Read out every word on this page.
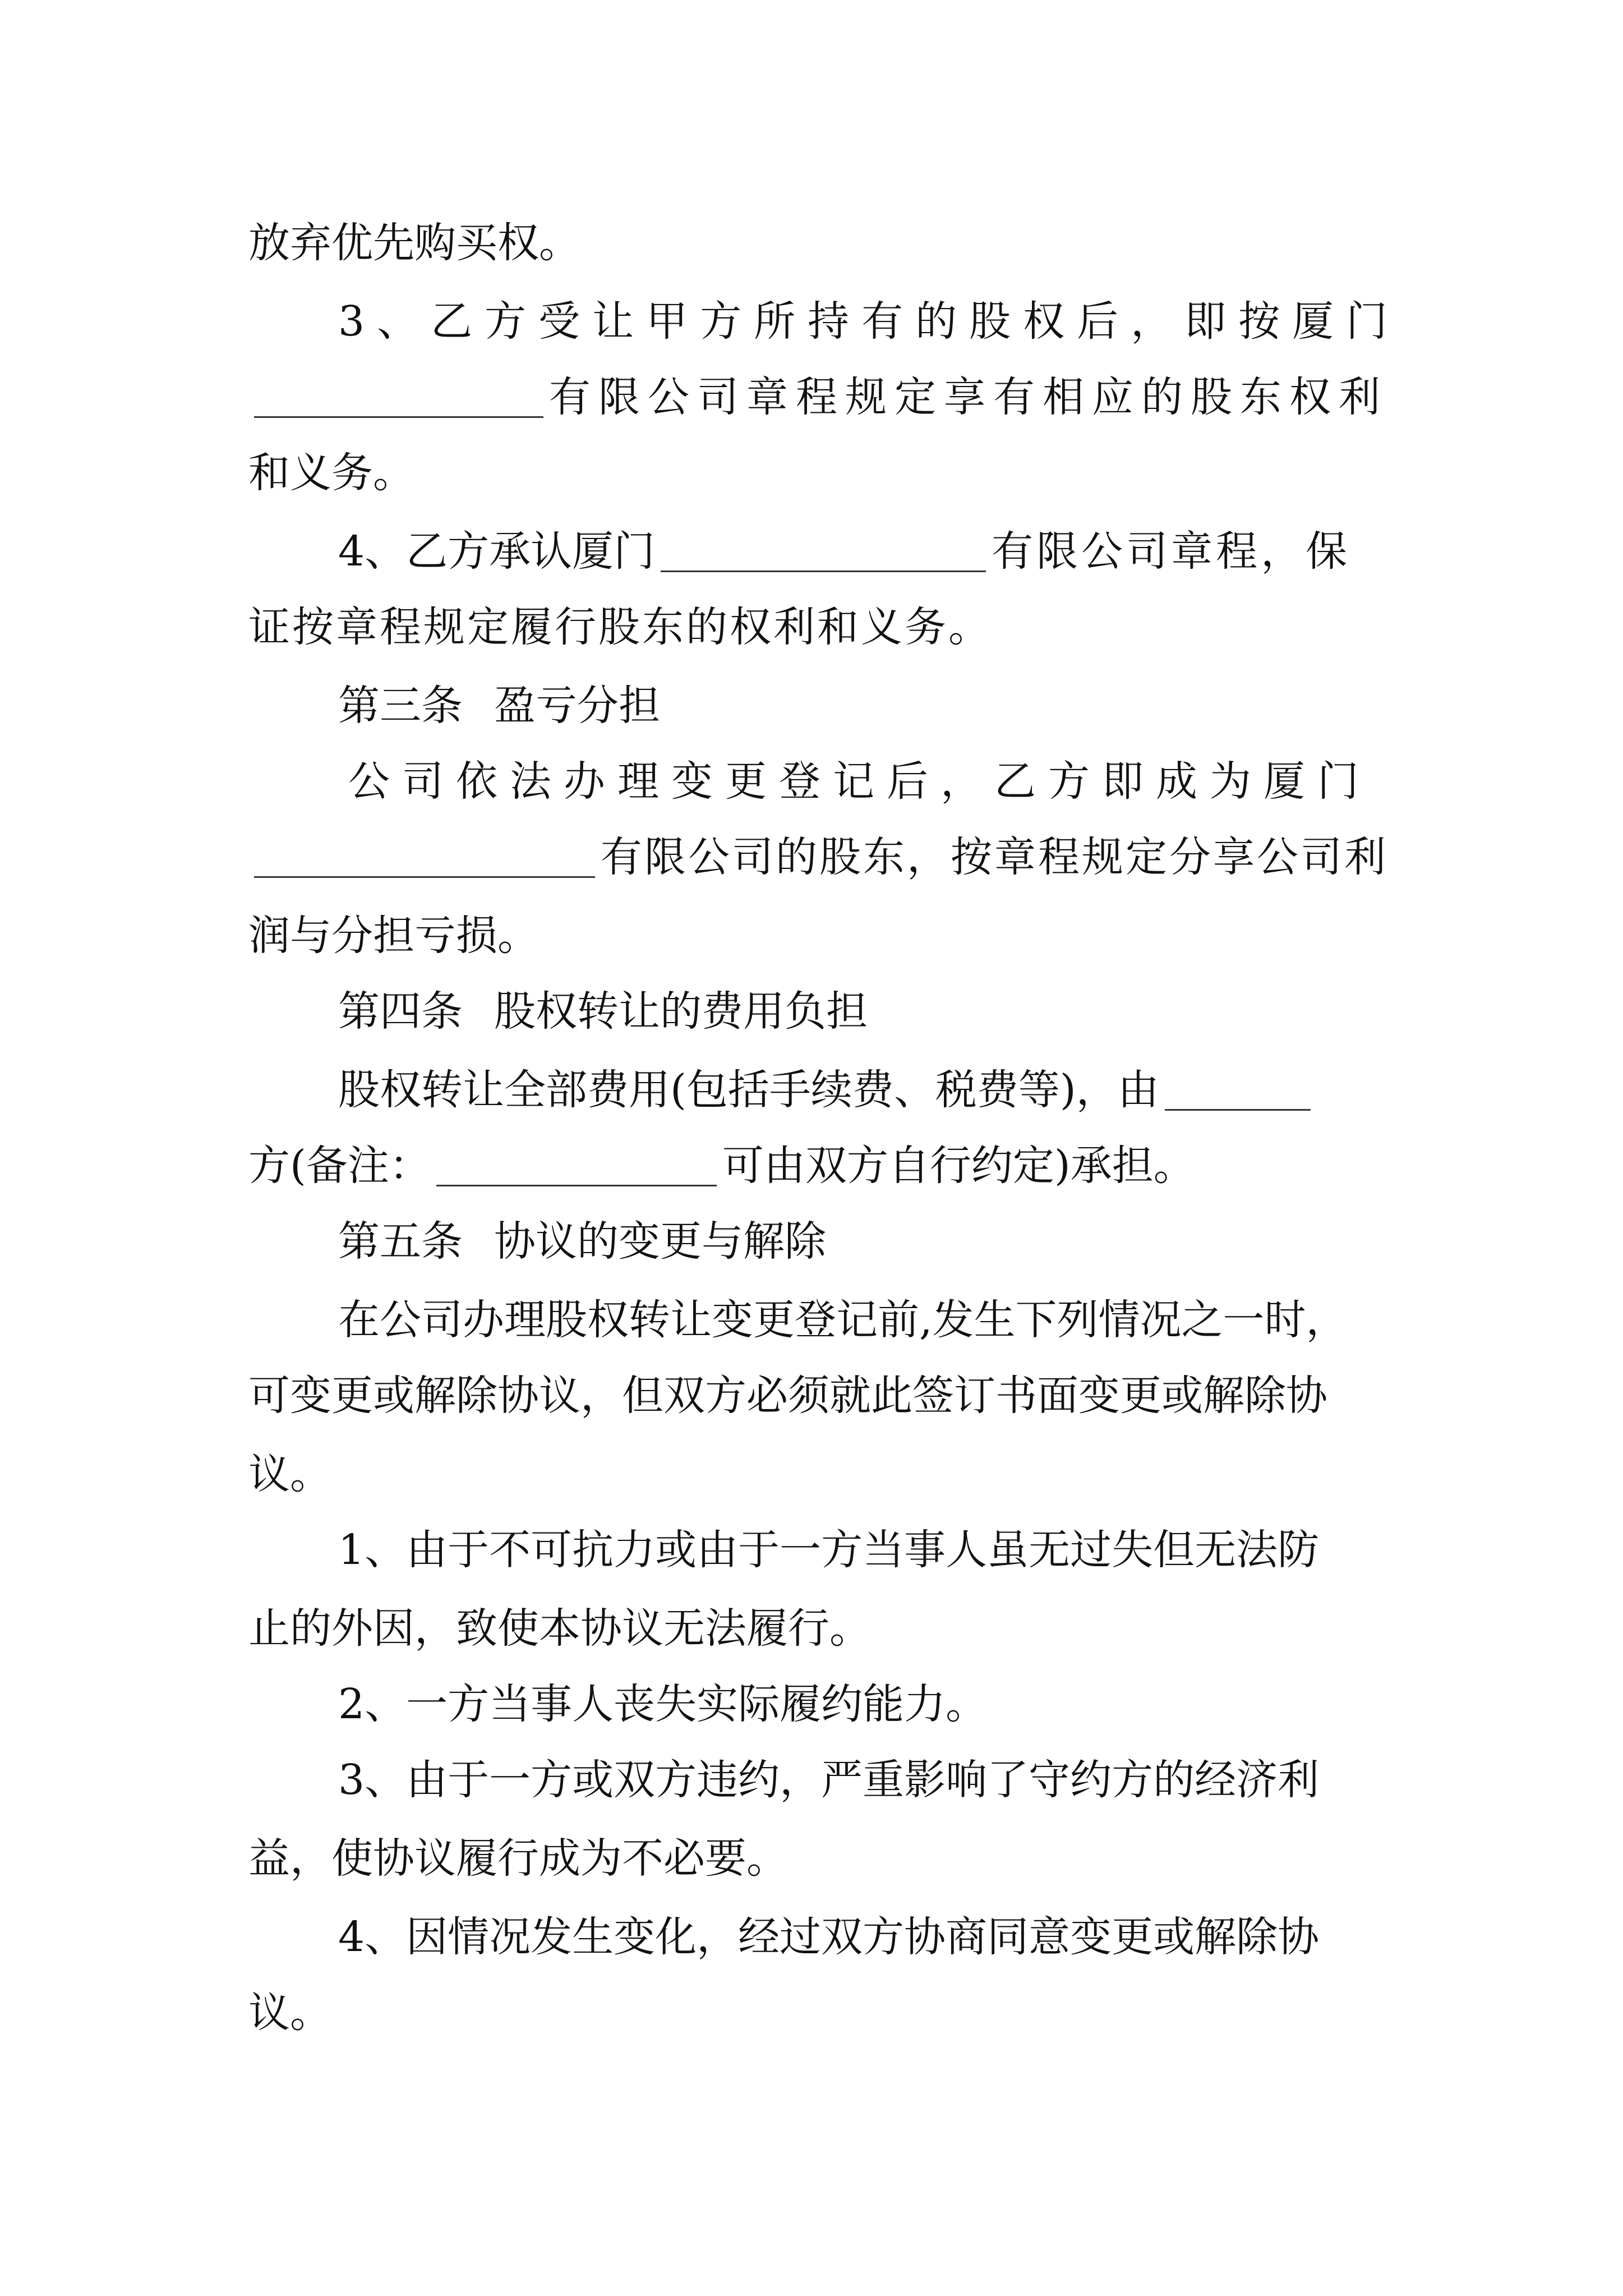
放弃优先购买权。
3、乙方受让甲方所持有的股权后，即按厦门
有限公司章程规定享有相应的股东权利
和义务。
4、乙方承认厦门	有限公司章程，保
证按章程规定履行股东的权利和义务。
第三条 盈亏分担
公司依法办理变更登记后，乙方即成为厦门
有限公司的股东，按章程规定分享公司利
润与分担亏损。
第四条 股权转让的费用负担
股权转让全部费用(包括手续费、税费等)，由
方(备注：	可由双方自行约定)承担。
第五条 协议的变更与解除
在公司办理股权转让变更登记前,发生下列情况之一时，
可变更或解除协议，但双方必须就此签订书面变更或解除协
议。
1、由于不可抗力或由于一方当事人虽无过失但无法防
止的外因，致使本协议无法履行。
2、一方当事人丧失实际履约能力。
3、由于一方或双方违约，严重影响了守约方的经济利
益，使协议履行成为不必要。
4、因情况发生变化，经过双方协商同意变更或解除协
议。
